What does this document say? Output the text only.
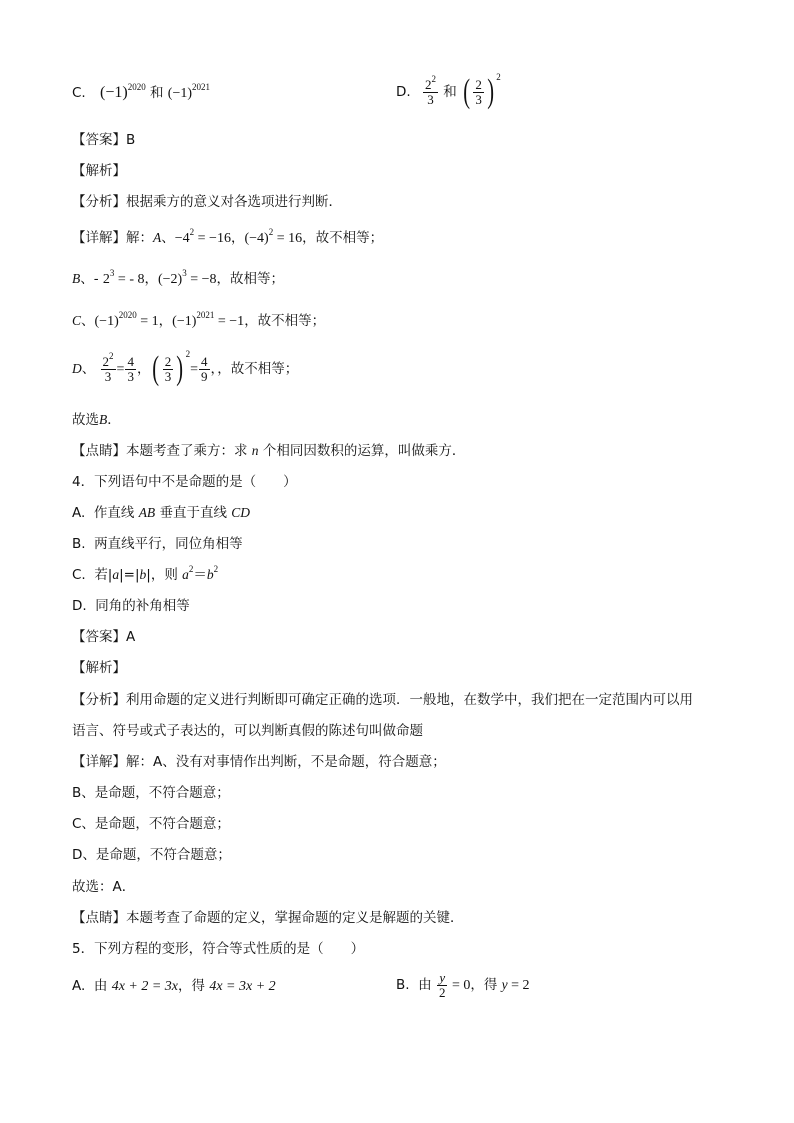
C. $(-1)^{2020}$ 和 $(-1)^{2021}$	D. $\frac{2^2}{3}$ 和 ( $\frac{2}{3}$ ) $^2$
【答案】B
【解析】
【分析】根据乘方的意义对各选项进行判断．
【详解】解：A、$-4^2 = -16$，$(-4)^2 = 16$，故不相等；
B、- $2^3$ = - 8，$(-2)^3 = -8$，故相等；
C、$(-1)^{2020} = 1$，$(-1)^{2021} = -1$，故不相等；
D、 $\frac{2^2}{3} = \frac{4}{3}$ ，( $\frac{2}{3}$ ) $^2= \frac{4}{9}$ ，，故不相等；
故选B．
【点睛】本题考查了乘方：求 n 个相同因数积的运算，叫做乘方．
4．下列语句中不是命题的是（　　）
A. 作直线 AB 垂直于直线 CD
B. 两直线平行，同位角相等
C. 若|a|=|b|，则 $a^2=b^2$
D. 同角的补角相等
【答案】A
【解析】
【分析】利用命题的定义进行判断即可确定正确的选项．一般地，在数学中，我们把在一定范围内可以用
语言、符号或式子表达的，可以判断真假的陈述句叫做命题
【详解】解：A、没有对事情作出判断，不是命题，符合题意；
B、是命题，不符合题意；
C、是命题，不符合题意；
D、是命题，不符合题意；
故选：A．
【点睛】本题考查了命题的定义，掌握命题的定义是解题的关键．
5．下列方程的变形，符合等式性质的是（　　）
A. 由 4x + 2 = 3x，得 4x = 3x + 2	B. 由 $\frac{y}{2} = 0$，得 y = 2
